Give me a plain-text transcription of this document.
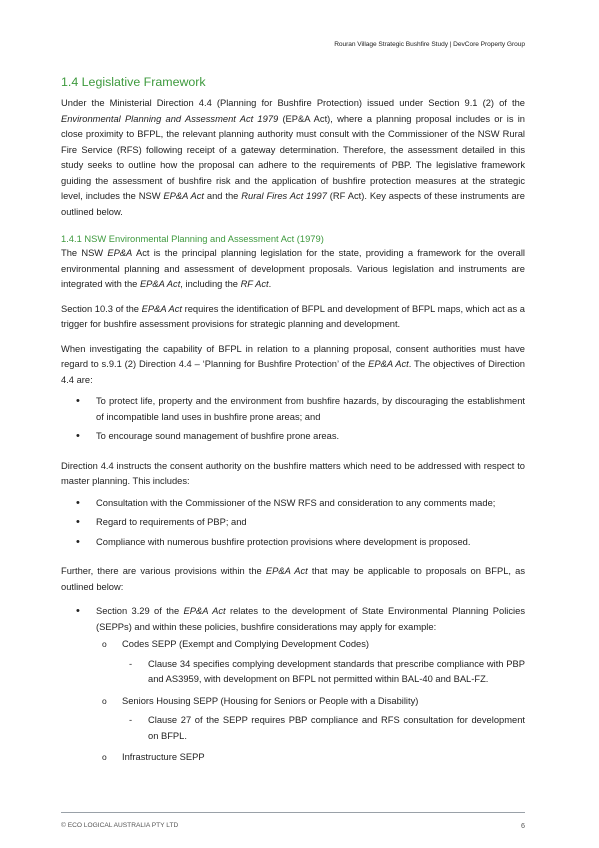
Rouran Village Strategic Bushfire Study | DevCore Property Group
1.4 Legislative Framework

Under the Ministerial Direction 4.4 (Planning for Bushfire Protection) issued under Section 9.1 (2) of the Environmental Planning and Assessment Act 1979 (EP&A Act), where a planning proposal includes or is in close proximity to BFPL, the relevant planning authority must consult with the Commissioner of the NSW Rural Fire Service (RFS) following receipt of a gateway determination. Therefore, the assessment detailed in this study seeks to outline how the proposal can adhere to the requirements of PBP. The legislative framework guiding the assessment of bushfire risk and the application of bushfire protection measures at the strategic level, includes the NSW EP&A Act and the Rural Fires Act 1997 (RF Act). Key aspects of these instruments are outlined below.

1.4.1 NSW Environmental Planning and Assessment Act (1979)

The NSW EP&A Act is the principal planning legislation for the state, providing a framework for the overall environmental planning and assessment of development proposals. Various legislation and instruments are integrated with the EP&A Act, including the RF Act.

Section 10.3 of the EP&A Act requires the identification of BFPL and development of BFPL maps, which act as a trigger for bushfire assessment provisions for strategic planning and development.

When investigating the capability of BFPL in relation to a planning proposal, consent authorities must have regard to s.9.1 (2) Direction 4.4 – ‘Planning for Bushfire Protection’ of the EP&A Act. The objectives of Direction 4.4 are:

• To protect life, property and the environment from bushfire hazards, by discouraging the establishment of incompatible land uses in bushfire prone areas; and
• To encourage sound management of bushfire prone areas.

Direction 4.4 instructs the consent authority on the bushfire matters which need to be addressed with respect to master planning. This includes:

• Consultation with the Commissioner of the NSW RFS and consideration to any comments made;
• Regard to requirements of PBP; and
• Compliance with numerous bushfire protection provisions where development is proposed.

Further, there are various provisions within the EP&A Act that may be applicable to proposals on BFPL, as outlined below:

• Section 3.29 of the EP&A Act relates to the development of State Environmental Planning Policies (SEPPs) and within these policies, bushfire considerations may apply for example:
o Codes SEPP (Exempt and Complying Development Codes)
- Clause 34 specifies complying development standards that prescribe compliance with PBP and AS3959, with development on BFPL not permitted within BAL-40 and BAL-FZ.
o Seniors Housing SEPP (Housing for Seniors or People with a Disability)
- Clause 27 of the SEPP requires PBP compliance and RFS consultation for development on BFPL.
o Infrastructure SEPP
© ECO LOGICAL AUSTRALIA PTY LTD	6
